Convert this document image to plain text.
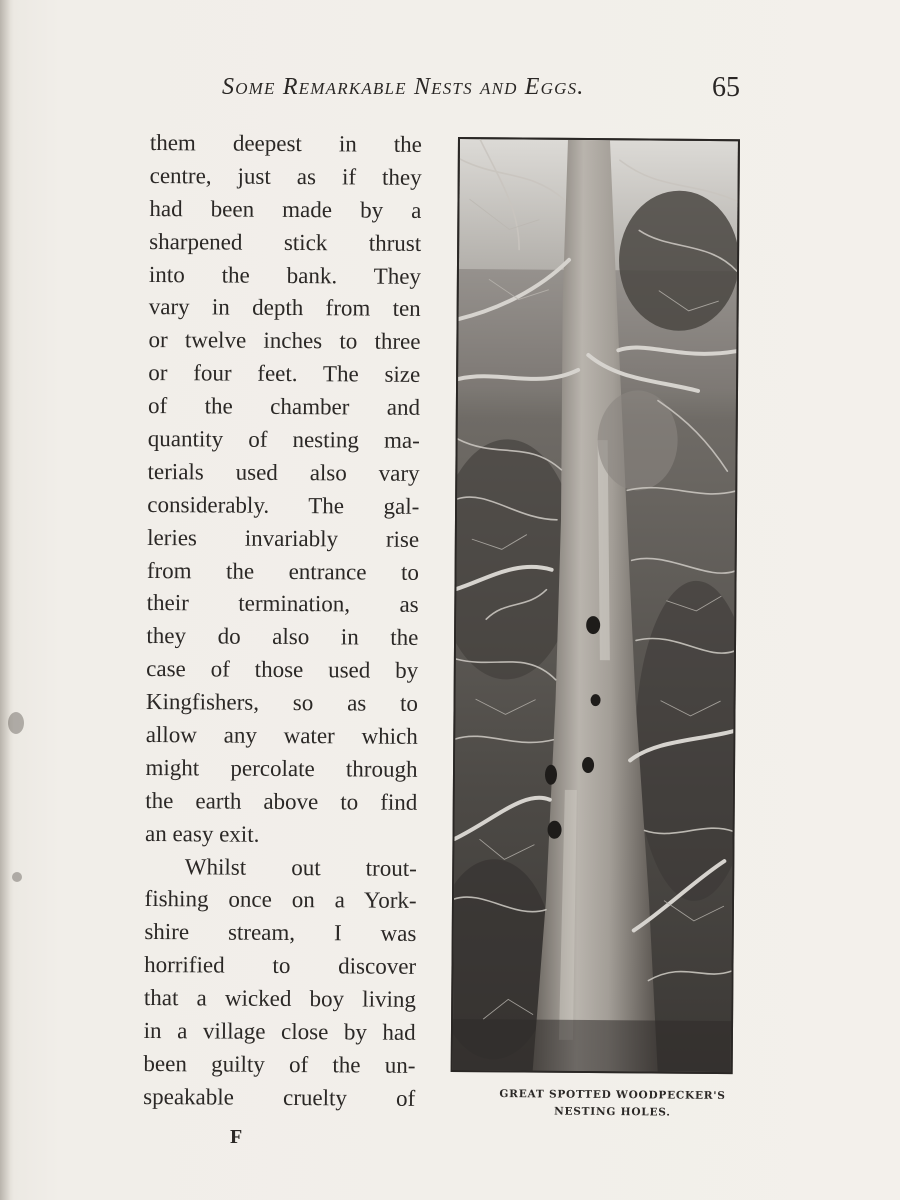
Some Remarkable Nests and Eggs.	65
them deepest in the
centre, just as if they
had been made by a
sharpened stick thrust
into the bank. They
vary in depth from ten
or twelve inches to three
or four feet. The size
of the chamber and
quantity of nesting ma-
terials used also vary
considerably. The gal-
leries invariably rise
from the entrance to
their termination, as
they do also in the
case of those used by
Kingfishers, so as to
allow any water which
might percolate through
the earth above to find
an easy exit.
Whilst out trout-
fishing once on a York-
shire stream, I was
horrified to discover
that a wicked boy living
in a village close by had
been guilty of the un-
speakable cruelty of
F
GREAT SPOTTED WOODPECKER'S
NESTING HOLES.
